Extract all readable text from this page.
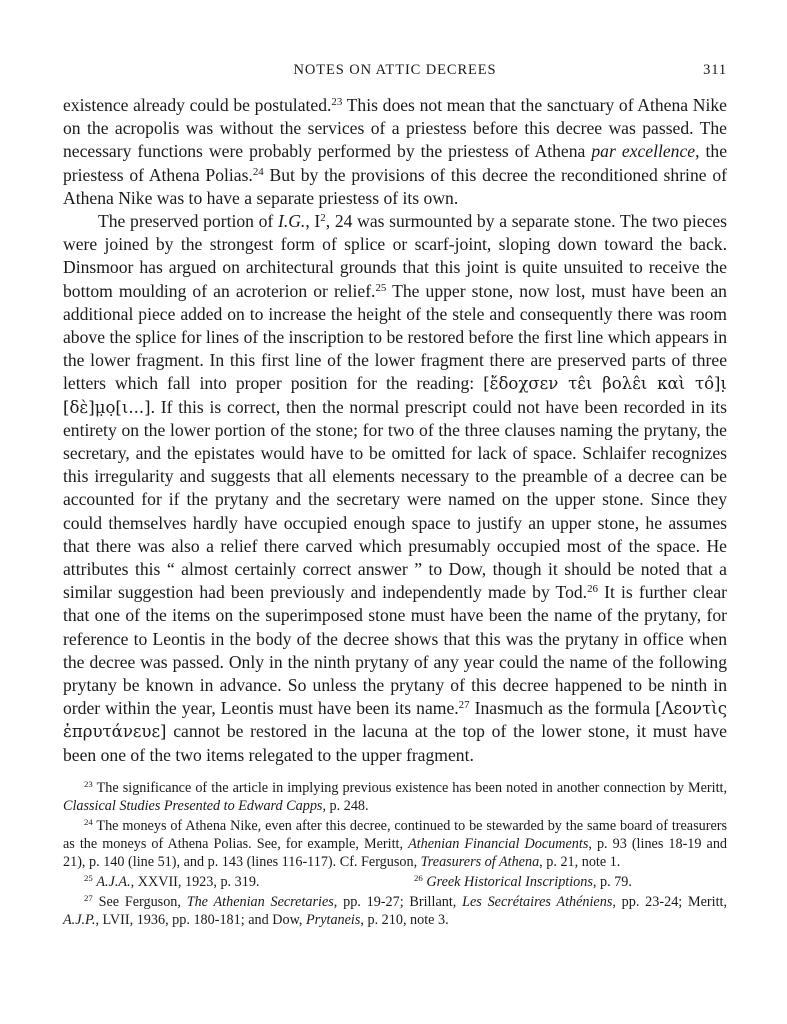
NOTES ON ATTIC DECREES	311

existence already could be postulated.$^{23}$ This does not mean that the sanctuary of Athena Nike on the acropolis was without the services of a priestess before this decree was passed. The necessary functions were probably performed by the priestess of Athena par excellence, the priestess of Athena Polias.$^{24}$ But by the provisions of this decree the reconditioned shrine of Athena Nike was to have a separate priestess of its own.

The preserved portion of I.G., $I^2$, 24 was surmounted by a separate stone. The two pieces were joined by the strongest form of splice or scarf-joint, sloping down toward the back. Dinsmoor has argued on architectural grounds that this joint is quite unsuited to receive the bottom moulding of an acroterion or relief.$^{25}$ The upper stone, now lost, must have been an additional piece added on to increase the height of the stele and consequently there was room above the splice for lines of the inscription to be restored before the first line which appears in the lower fragment. In this first line of the lower fragment there are preserved parts of three letters which fall into proper position for the reading: [ἔδοχσεν τε̂ι βολε̂ι καὶ το̂]ι̣ [δὲ]μ̣ο̣[ι...]. If this is correct, then the normal prescript could not have been recorded in its entirety on the lower portion of the stone; for two of the three clauses naming the prytany, the secretary, and the epistates would have to be omitted for lack of space. Schlaifer recognizes this irregularity and suggests that all elements necessary to the preamble of a decree can be accounted for if the prytany and the secretary were named on the upper stone. Since they could themselves hardly have occupied enough space to justify an upper stone, he assumes that there was also a relief there carved which presumably occupied most of the space. He attributes this “ almost certainly correct answer ” to Dow, though it should be noted that a similar suggestion had been previously and independently made by Tod.$^{26}$ It is further clear that one of the items on the superimposed stone must have been the name of the prytany, for reference to Leontis in the body of the decree shows that this was the prytany in office when the decree was passed. Only in the ninth prytany of any year could the name of the following prytany be known in advance. So unless the prytany of this decree happened to be ninth in order within the year, Leontis must have been its name.$^{27}$ Inasmuch as the formula [Λεοντὶς ἐπρυτάνευε] cannot be restored in the lacuna at the top of the lower stone, it must have been one of the two items relegated to the upper fragment.

$^{23}$ The significance of the article in implying previous existence has been noted in another connection by Meritt, Classical Studies Presented to Edward Capps, p. 248.

$^{24}$ The moneys of Athena Nike, even after this decree, continued to be stewarded by the same board of treasurers as the moneys of Athena Polias. See, for example, Meritt, Athenian Financial Documents, p. 93 (lines 18-19 and 21), p. 140 (line 51), and p. 143 (lines 116-117). Cf. Ferguson, Treasurers of Athena, p. 21, note 1.

$^{25}$ A.J.A., XXVII, 1923, p. 319.	$^{26}$ Greek Historical Inscriptions, p. 79.

$^{27}$ See Ferguson, The Athenian Secretaries, pp. 19-27; Brillant, Les Secrétaires Athéniens, pp. 23-24; Meritt, A.J.P., LVII, 1936, pp. 180-181; and Dow, Prytaneis, p. 210, note 3.
